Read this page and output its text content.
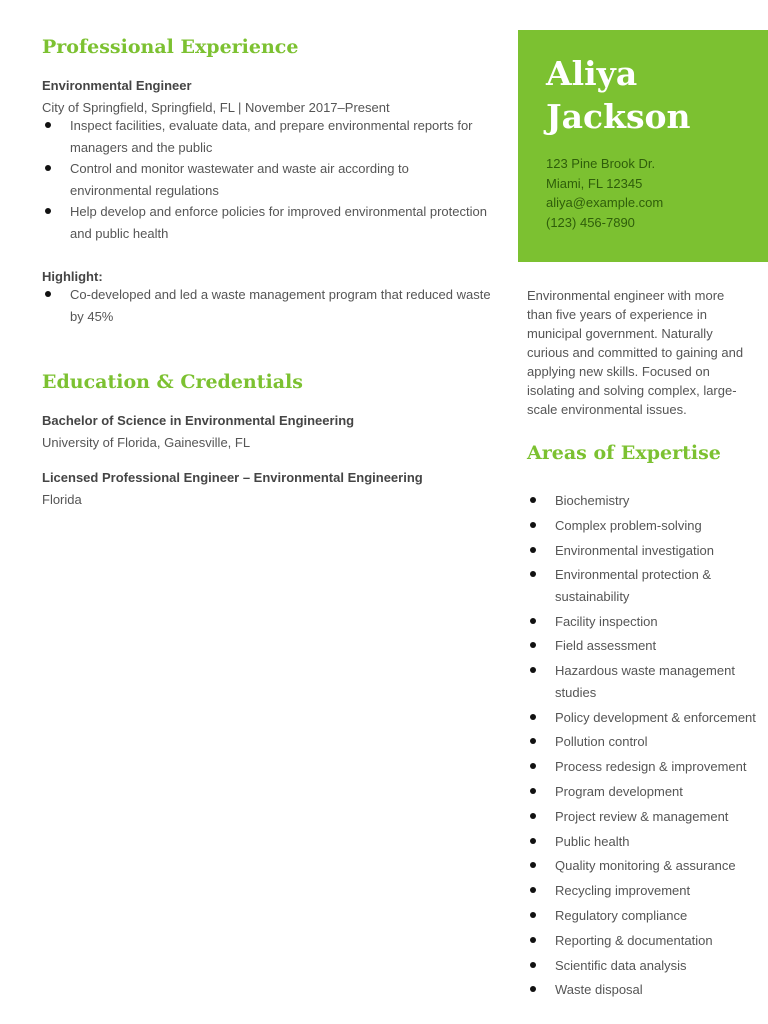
Professional Experience
Environmental Engineer
City of Springfield, Springfield, FL | November 2017–Present
Inspect facilities, evaluate data, and prepare environmental reports for managers and the public
Control and monitor wastewater and waste air according to environmental regulations
Help develop and enforce policies for improved environmental protection and public health
Highlight:
Co-developed and led a waste management program that reduced waste by 45%
Education & Credentials
Bachelor of Science in Environmental Engineering
University of Florida, Gainesville, FL
Licensed Professional Engineer – Environmental Engineering
Florida
Aliya
Jackson
123 Pine Brook Dr.
Miami, FL 12345
aliya@example.com
(123) 456-7890

Environmental engineer with more than five years of experience in municipal government. Naturally curious and committed to gaining and applying new skills. Focused on isolating and solving complex, large-scale environmental issues.

Areas of Expertise
Biochemistry
Complex problem-solving
Environmental investigation
Environmental protection & sustainability
Facility inspection
Field assessment
Hazardous waste management studies
Policy development & enforcement
Pollution control
Process redesign & improvement
Program development
Project review & management
Public health
Quality monitoring & assurance
Recycling improvement
Regulatory compliance
Reporting & documentation
Scientific data analysis
Waste disposal
